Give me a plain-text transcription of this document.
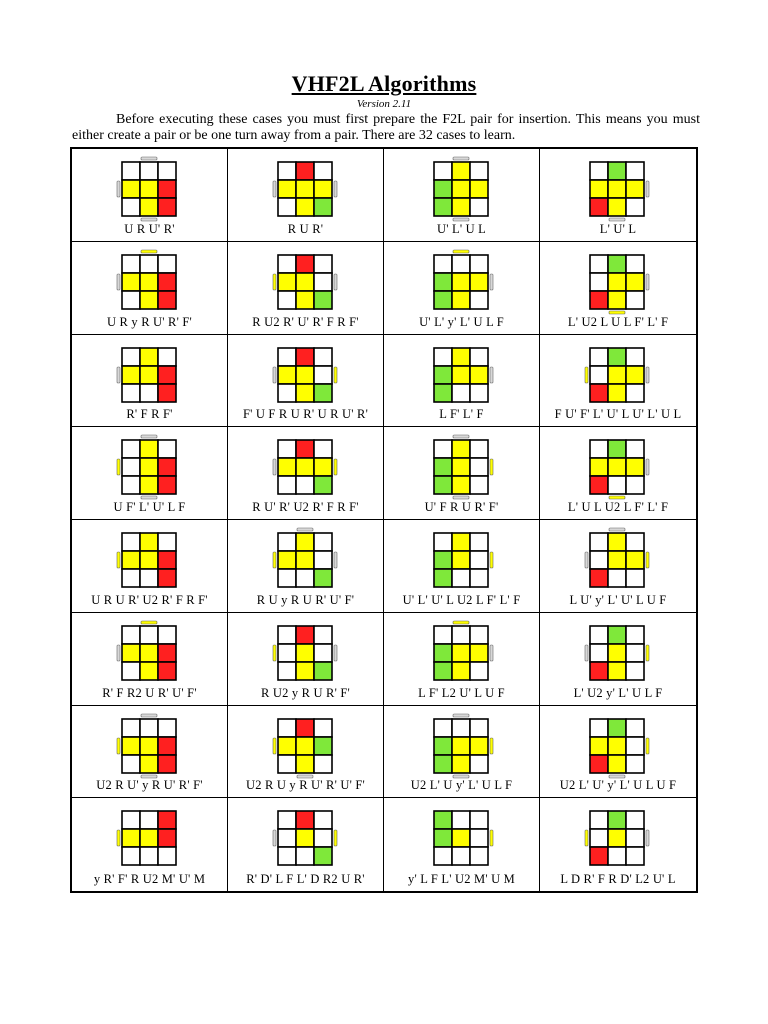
VHF2L Algorithms
Version 2.11
Before executing these cases you must first prepare the F2L pair for insertion. This means you must either create a pair or be one turn away from a pair. There are 32 cases to learn.
U R U' R'	R U R'	U' L' U L	L' U' L
U R y R U' R' F'	R U2 R' U' R' F R F'	U' L' y' L' U L F	L' U2 L U L F' L' F
R' F R F'	F' U F R U R' U R U' R'	L F' L' F	F U' F' L' U' L U' L' U L
U F' L' U' L F	R U' R' U2 R' F R F'	U' F R U R' F'	L' U L U2 L F' L' F
U R U R' U2 R' F R F'	R U y R U R' U' F'	U' L' U' L U2 L F' L' F	L U' y' L' U' L U F
R' F R2 U R' U' F'	R U2 y R U R' F'	L F' L2 U' L U F	L' U2 y' L' U L F
U2 R U' y R U' R' F'	U2 R U y R U' R' U' F'	U2 L' U y' L' U L F	U2 L' U' y' L' U L U F
y R' F' R U2 M' U' M	R' D' L F L' D R2 U R'	y' L F L' U2 M' U M	L D R' F R D' L2 U' L
